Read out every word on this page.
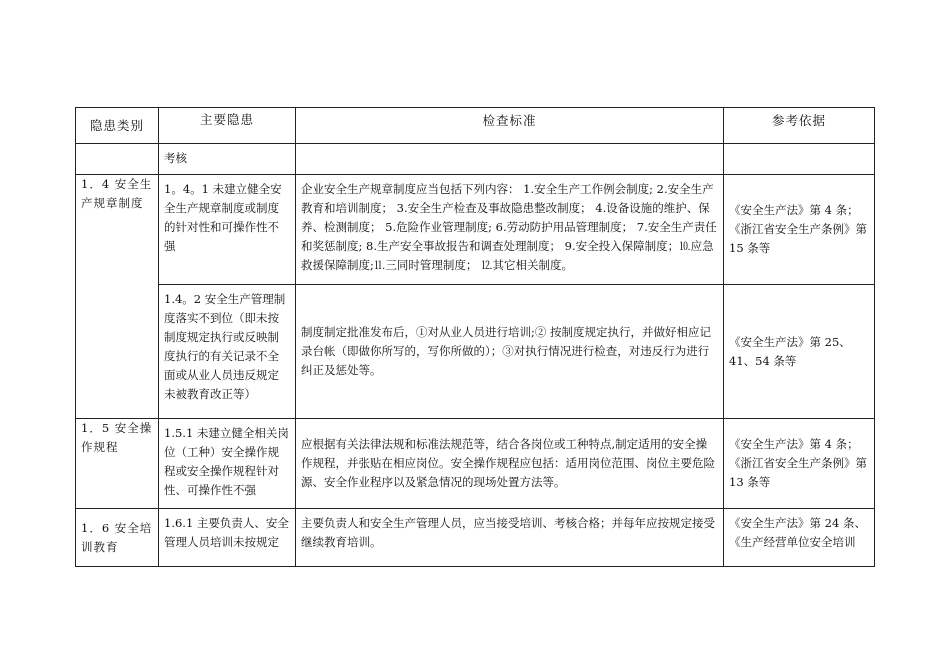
隐患类别	主要隐患	检查标准	参考依据
	考核		
1．4 安全生产规章制度	1。4。1 未建立健全安全生产规章制度或制度的针对性和可操作性不强	企业安全生产规章制度应当包括下列内容： 1.安全生产工作例会制度; 2.安全生产教育和培训制度； 3.安全生产检查及事故隐患整改制度； 4.设备设施的维护、保养、检测制度； 5.危险作业管理制度; 6.劳动防护用品管理制度； 7.安全生产责任和奖惩制度; 8.生产安全事故报告和调查处理制度； 9.安全投入保障制度；⒑应急救援保障制度;⒒三同时管理制度； ⒓其它相关制度。	《安全生产法》第 4 条；《浙江省安全生产条例》第 15 条等
	1.4。2 安全生产管理制度落实不到位（即未按制度规定执行或反映制度执行的有关记录不全面或从业人员违反规定未被教育改正等）	制度制定批准发布后，①对从业人员进行培训;② 按制度规定执行，并做好相应记录台帐（即做你所写的，写你所做的）；③对执行情况进行检查，对违反行为进行纠正及惩处等。	《安全生产法》第 25、41、54 条等
1．5 安全操作规程	1.5.1 未建立健全相关岗位（工种）安全操作规程或安全操作规程针对性、可操作性不强	应根据有关法律法规和标准法规范等，结合各岗位或工种特点,制定适用的安全操作规程，并张贴在相应岗位。安全操作规程应包括：适用岗位范围、岗位主要危险源、安全作业程序以及紧急情况的现场处置方法等。	《安全生产法》第 4 条；《浙江省安全生产条例》第 13 条等
1．6 安全培训教育	1.6.1 主要负责人、安全管理人员培训未按规定	主要负责人和安全生产管理人员，应当接受培训、考核合格；并每年应按规定接受继续教育培训。	《安全生产法》第 24 条、《生产经营单位安全培训
